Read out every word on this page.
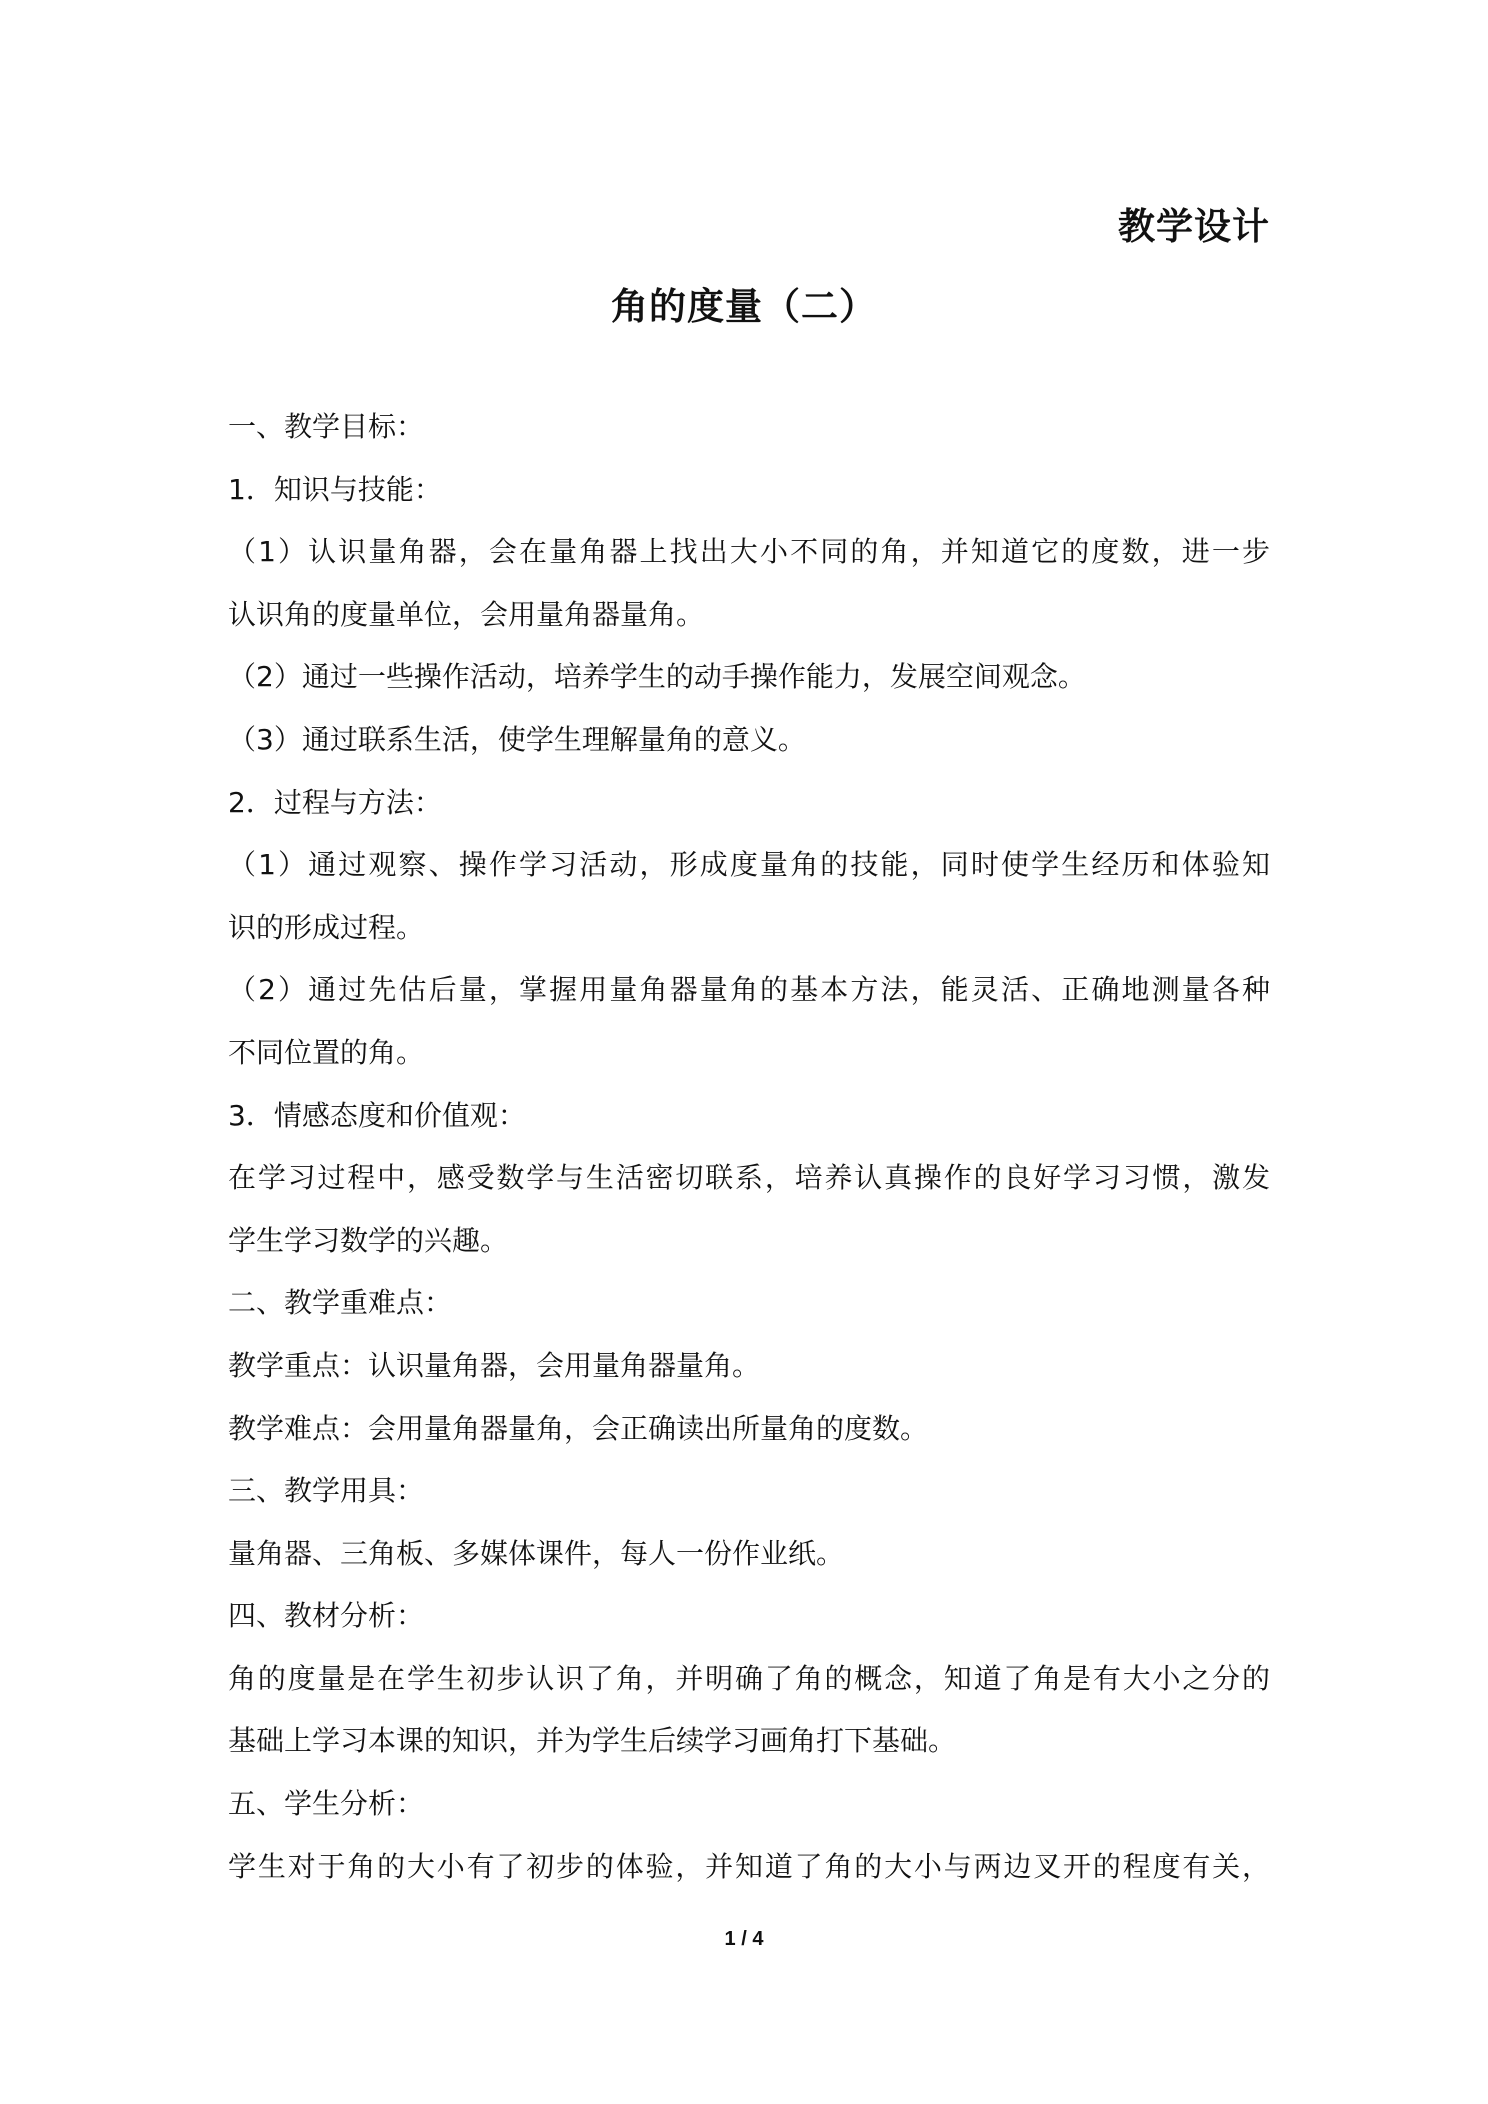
教学设计
角的度量（二）
一、教学目标：
1．知识与技能：
（1）认识量角器，会在量角器上找出大小不同的角，并知道它的度数，进一步
认识角的度量单位，会用量角器量角。
（2）通过一些操作活动，培养学生的动手操作能力，发展空间观念。
（3）通过联系生活，使学生理解量角的意义。
2．过程与方法：
（1）通过观察、操作学习活动，形成度量角的技能，同时使学生经历和体验知
识的形成过程。
（2）通过先估后量，掌握用量角器量角的基本方法，能灵活、正确地测量各种
不同位置的角。
3．情感态度和价值观：
在学习过程中，感受数学与生活密切联系，培养认真操作的良好学习习惯，激发
学生学习数学的兴趣。
二、教学重难点：
教学重点：认识量角器，会用量角器量角。
教学难点：会用量角器量角，会正确读出所量角的度数。
三、教学用具：
量角器、三角板、多媒体课件，每人一份作业纸。
四、教材分析：
角的度量是在学生初步认识了角，并明确了角的概念，知道了角是有大小之分的
基础上学习本课的知识，并为学生后续学习画角打下基础。
五、学生分析：
学生对于角的大小有了初步的体验，并知道了角的大小与两边叉开的程度有关，
1 / 4
